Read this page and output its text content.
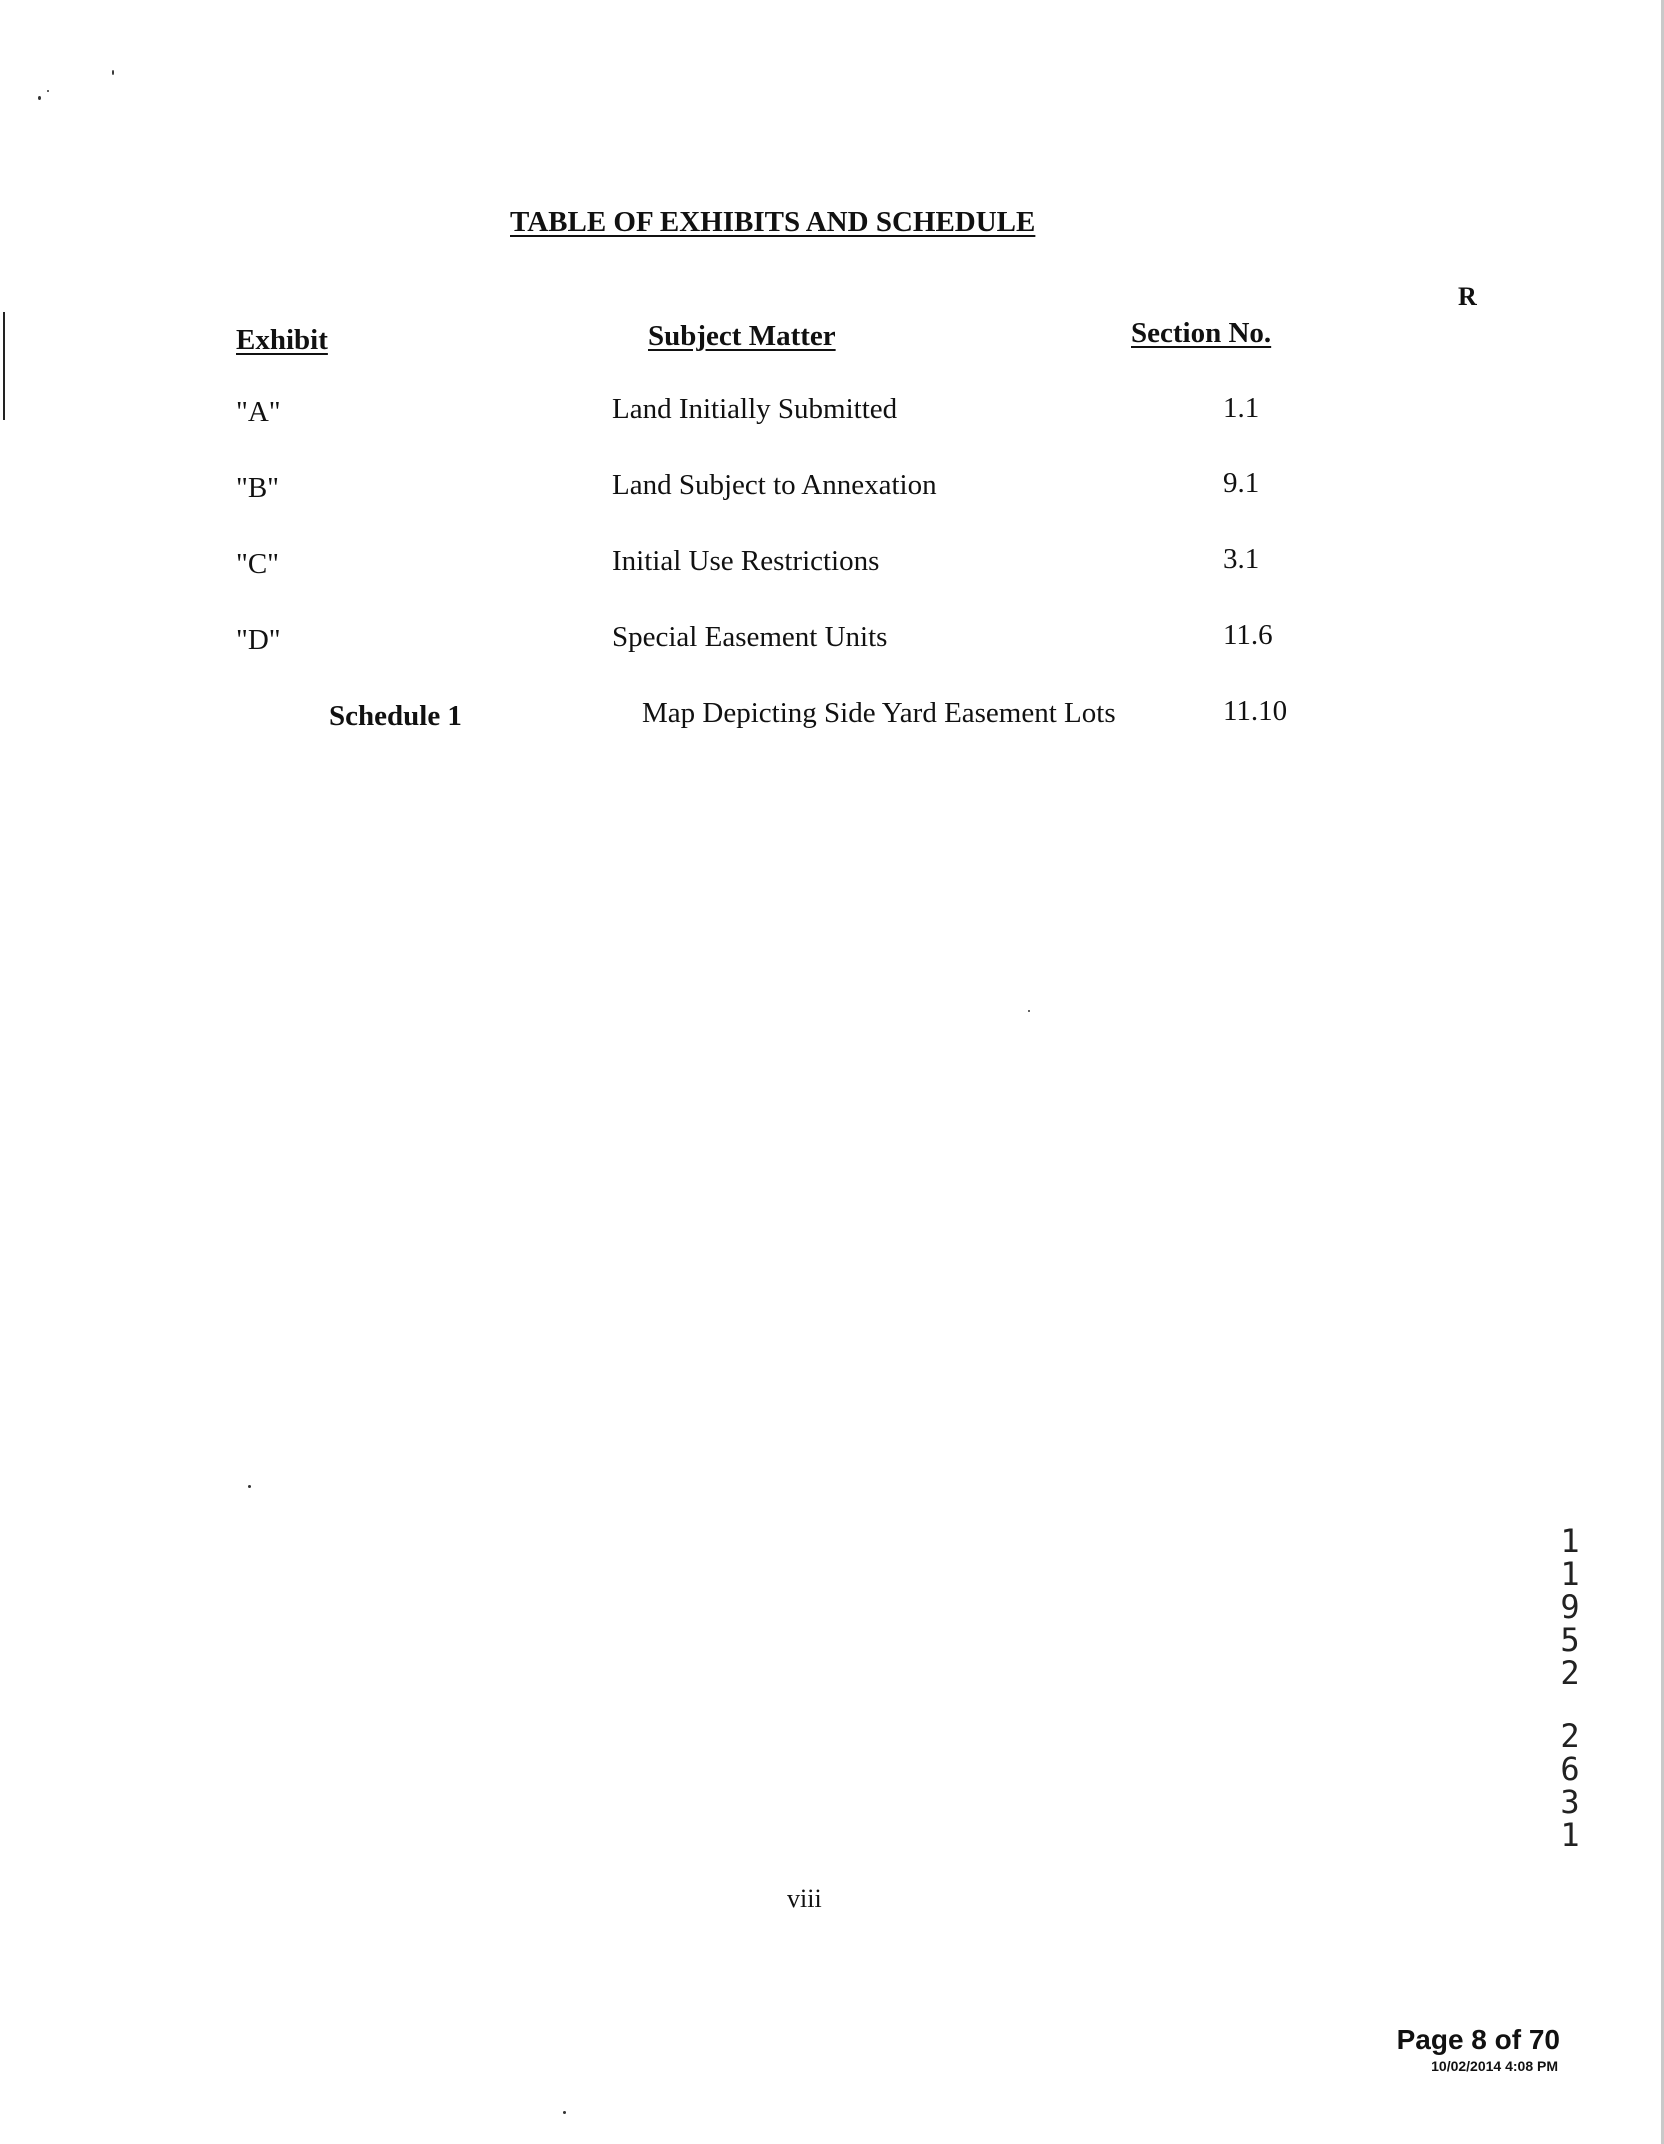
TABLE OF EXHIBITS AND SCHEDULE
R
Exhibit	Subject Matter	Section No.
"A"	Land Initially Submitted	1.1
"B"	Land Subject to Annexation	9.1
"C"	Initial Use Restrictions	3.1
"D"	Special Easement Units	11.6
Schedule 1	Map Depicting Side Yard Easement Lots	11.10
viii
1
1
9
5
2
2
6
3
1
Page 8 of 70
10/02/2014 4:08 PM
